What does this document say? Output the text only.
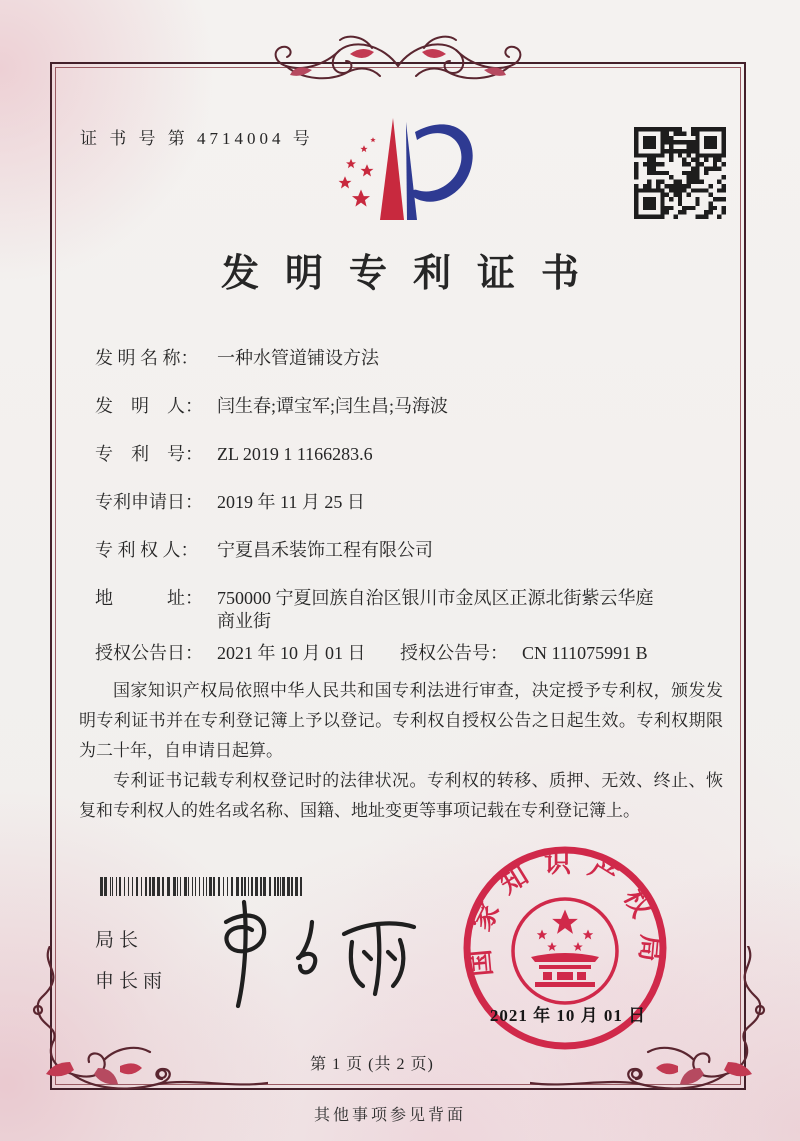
证 书 号 第 4714004 号
发明专利证书
发 明 名 称： 一种水管道铺设方法
发　明　人： 闫生春;谭宝军;闫生昌;马海波
专　利　号： ZL 2019 1 1166283.6
专利申请日： 2019 年 11 月 25 日
专 利 权 人： 宁夏昌禾装饰工程有限公司
地　　　址： 750000 宁夏回族自治区银川市金凤区正源北街紫云华庭商业街
授权公告日： 2021 年 10 月 01 日 授权公告号： CN 111075991 B

国家知识产权局依照中华人民共和国专利法进行审查，决定授予专利权，颁发发明专利证书并在专利登记簿上予以登记。专利权自授权公告之日起生效。专利权期限为二十年，自申请日起算。

专利证书记载专利权登记时的法律状况。专利权的转移、质押、无效、终止、恢复和专利权人的姓名或名称、国籍、地址变更等事项记载在专利登记簿上。

局长
申长雨
国家知识产权局
2021 年 10 月 01 日
第 1 页 (共 2 页)
其他事项参见背面
